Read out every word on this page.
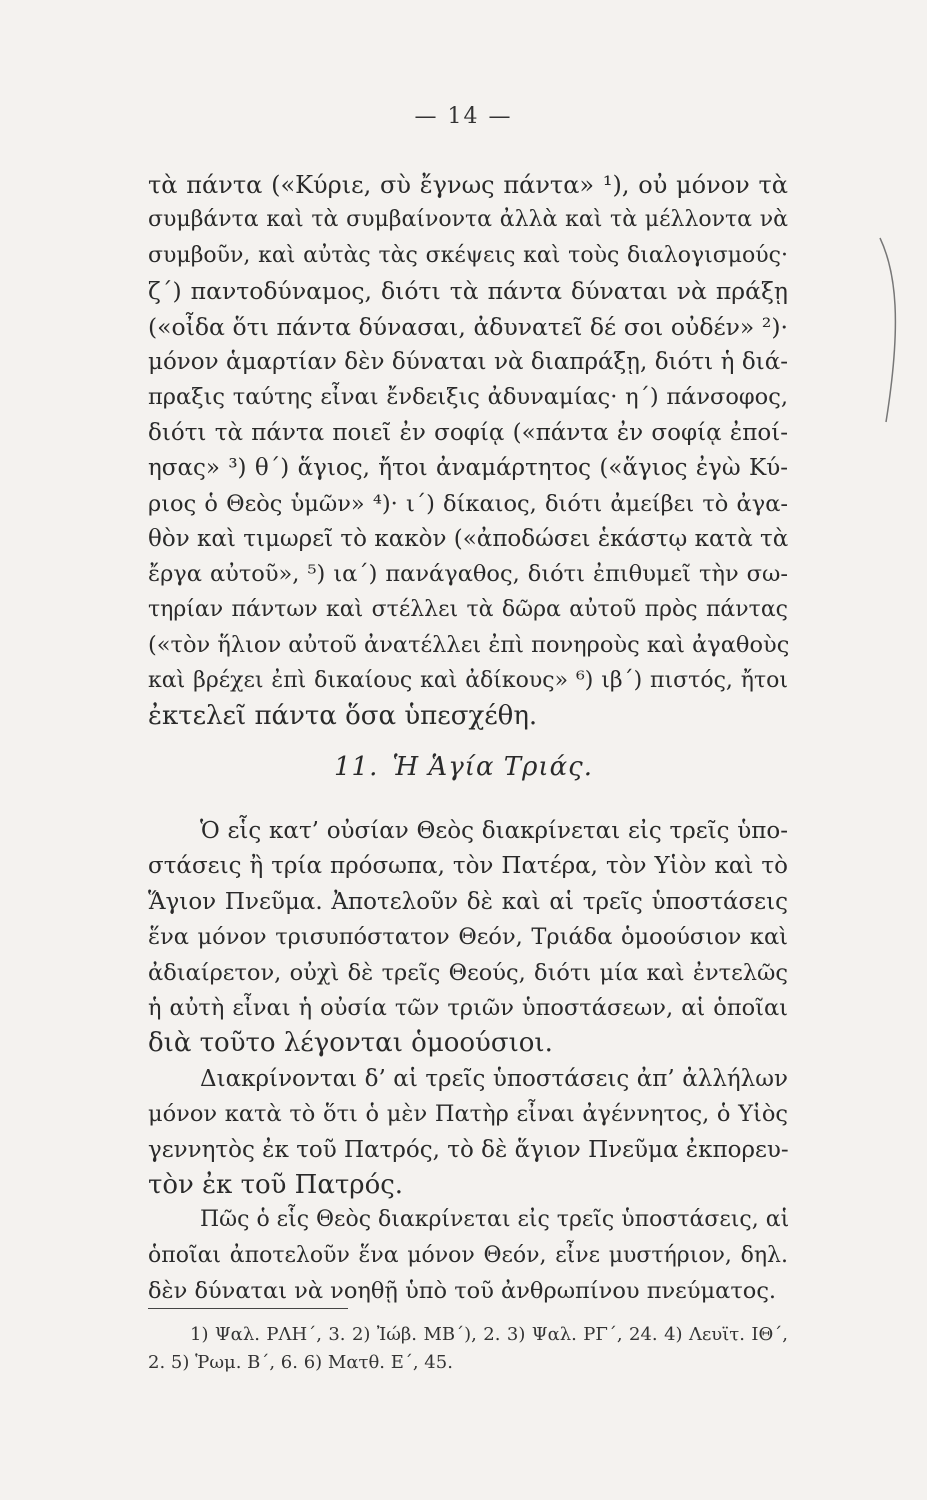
— 14 —
τὰ πάντα («Κύριε, σὺ ἔγνως πάντα» ¹), οὐ μόνον τὰ
συμβάντα καὶ τὰ συμβαίνοντα ἀλλὰ καὶ τὰ μέλλοντα νὰ
συμβοῦν, καὶ αὐτὰς τὰς σκέψεις καὶ τοὺς διαλογισμούς·
ζ΄) παντοδύναμος, διότι τὰ πάντα δύναται νὰ πράξῃ
(«οἶδα ὅτι πάντα δύνασαι, ἀδυνατεῖ δέ σοι οὐδέν» ²)·
μόνον ἁμαρτίαν δὲν δύναται νὰ διαπράξῃ, διότι ἡ διά-
πραξις ταύτης εἶναι ἔνδειξις ἀδυναμίας· η΄) πάνσοφος,
διότι τὰ πάντα ποιεῖ ἐν σοφίᾳ («πάντα ἐν σοφίᾳ ἐποί-
ησας» ³) θ΄) ἅγιος, ἤτοι ἀναμάρτητος («ἅγιος ἐγὼ Κύ-
ριος ὁ Θεὸς ὑμῶν» ⁴)· ι΄) δίκαιος, διότι ἀμείβει τὸ ἀγα-
θὸν καὶ τιμωρεῖ τὸ κακὸν («ἀποδώσει ἑκάστῳ κατὰ τὰ
ἔργα αὐτοῦ», ⁵) ια΄) πανάγαθος, διότι ἐπιθυμεῖ τὴν σω-
τηρίαν πάντων καὶ στέλλει τὰ δῶρα αὐτοῦ πρὸς πάντας
(«τὸν ἥλιον αὐτοῦ ἀνατέλλει ἐπὶ πονηροὺς καὶ ἀγαθοὺς
καὶ βρέχει ἐπὶ δικαίους καὶ ἀδίκους» ⁶) ιβ΄) πιστός, ἤτοι
ἐκτελεῖ πάντα ὅσα ὑπεσχέθη.
11. Ἡ Ἁγία Τριάς.
Ὁ εἷς κατ’ οὐσίαν Θεὸς διακρίνεται εἰς τρεῖς ὑπο-
στάσεις ἢ τρία πρόσωπα, τὸν Πατέρα, τὸν Υἱὸν καὶ τὸ
Ἅγιον Πνεῦμα. Ἀποτελοῦν δὲ καὶ αἱ τρεῖς ὑποστάσεις
ἕνα μόνον τρισυπόστατον Θεόν, Τριάδα ὁμοούσιον καὶ
ἀδιαίρετον, οὐχὶ δὲ τρεῖς Θεούς, διότι μία καὶ ἐντελῶς
ἡ αὐτὴ εἶναι ἡ οὐσία τῶν τριῶν ὑποστάσεων, αἱ ὁποῖαι
διὰ τοῦτο λέγονται ὁμοούσιοι.
Διακρίνονται δ’ αἱ τρεῖς ὑποστάσεις ἀπ’ ἀλλήλων
μόνον κατὰ τὸ ὅτι ὁ μὲν Πατὴρ εἶναι ἀγέννητος, ὁ Υἱὸς
γεννητὸς ἐκ τοῦ Πατρός, τὸ δὲ ἅγιον Πνεῦμα ἐκπορευ-
τὸν ἐκ τοῦ Πατρός.
Πῶς ὁ εἷς Θεὸς διακρίνεται εἰς τρεῖς ὑποστάσεις, αἱ
1) Ψαλ. ΡΛΗ΄, 3. 2) Ἰώβ. ΜΒ΄), 2. 3) Ψαλ. ΡΓ΄, 24. 4) Λευϊτ. ΙΘ΄,
2. 5) Ῥωμ. Β΄, 6. 6) Ματθ. Ε΄, 45.
ὁποῖαι ἀποτελοῦν ἕνα μόνον Θεόν, εἶνε μυστήριον, δηλ.
δὲν δύναται νὰ νοηθῇ ὑπὸ τοῦ ἀνθρωπίνου πνεύματος.
